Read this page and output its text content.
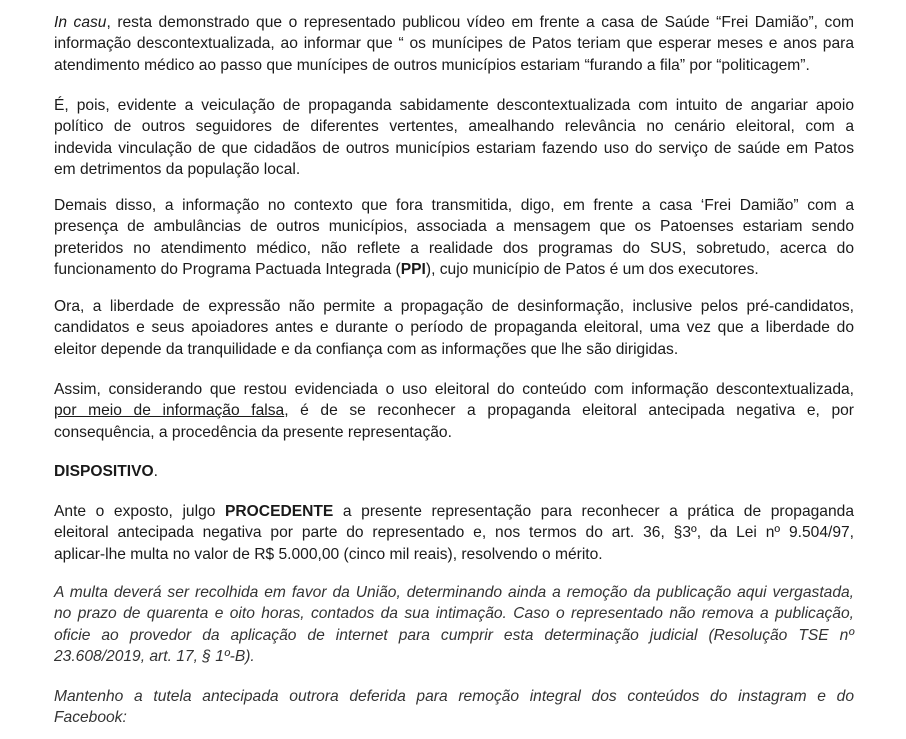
In casu, resta demonstrado que o representado publicou vídeo em frente a casa de Saúde “Frei Damião”, com
informação descontextualizada, ao informar que “ os munícipes de Patos teriam que esperar meses e anos para
atendimento médico ao passo que munícipes de outros municípios estariam “furando a fila” por “politicagem”.

É, pois, evidente a veiculação de propaganda sabidamente descontextualizada com intuito de angariar apoio
político de outros seguidores de diferentes vertentes, amealhando relevância no cenário eleitoral, com a
indevida vinculação de que cidadãos de outros municípios estariam fazendo uso do serviço de saúde em Patos
em detrimentos da população local.

Demais disso, a informação no contexto que fora transmitida, digo, em frente a casa ‘Frei Damião” com a
presença de ambulâncias de outros municípios, associada a mensagem que os Patoenses estariam sendo
preteridos no atendimento médico, não reflete a realidade dos programas do SUS, sobretudo, acerca do
funcionamento do Programa Pactuada Integrada (PPI), cujo município de Patos é um dos executores.

Ora, a liberdade de expressão não permite a propagação de desinformação, inclusive pelos pré-candidatos,
candidatos e seus apoiadores antes e durante o período de propaganda eleitoral, uma vez que a liberdade do
eleitor depende da tranquilidade e da confiança com as informações que lhe são dirigidas.

Assim, considerando que restou evidenciada o uso eleitoral do conteúdo com informação descontextualizada,
por meio de informação falsa, é de se reconhecer a propaganda eleitoral antecipada negativa e, por
consequência, a procedência da presente representação.

DISPOSITIVO.

Ante o exposto, julgo PROCEDENTE a presente representação para reconhecer a prática de propaganda
eleitoral antecipada negativa por parte do representado e, nos termos do art. 36, §3º, da Lei nº 9.504/97,
aplicar-lhe multa no valor de R$ 5.000,00 (cinco mil reais), resolvendo o mérito.

A multa deverá ser recolhida em favor da União, determinando ainda a remoção da publicação aqui vergastada,
no prazo de quarenta e oito horas, contados da sua intimação. Caso o representado não remova a publicação,
oficie ao provedor da aplicação de internet para cumprir esta determinação judicial (Resolução TSE nº
23.608/2019, art. 17, § 1º-B).

Mantenho a tutela antecipada outrora deferida para remoção integral dos conteúdos do instagram e do
Facebook:
